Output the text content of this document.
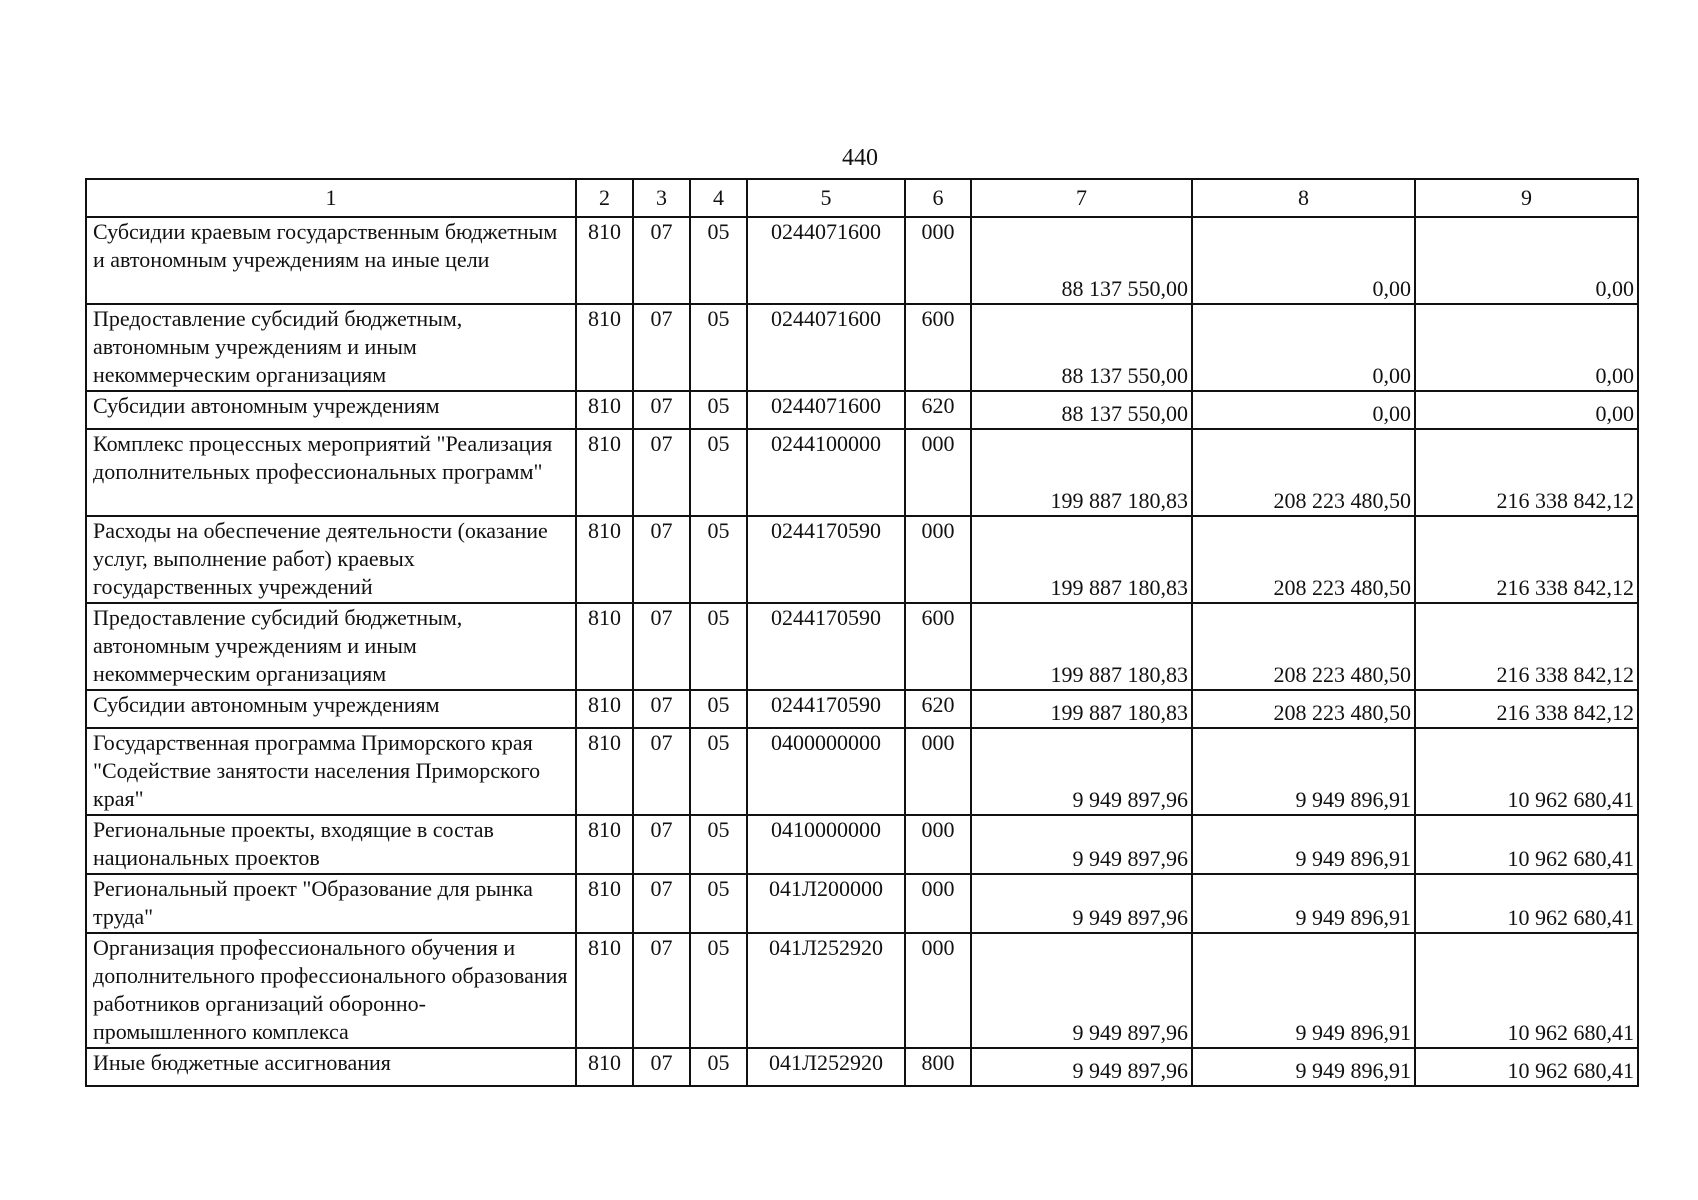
440
1	2	3	4	5	6	7	8	9
Субсидии краевым государственным бюджетным и автономным учреждениям на иные цели	810	07	05	0244071600	000	88 137 550,00	0,00	0,00
Предоставление субсидий бюджетным, автономным учреждениям и иным некоммерческим организациям	810	07	05	0244071600	600	88 137 550,00	0,00	0,00
Субсидии автономным учреждениям	810	07	05	0244071600	620	88 137 550,00	0,00	0,00
Комплекс процессных мероприятий "Реализация дополнительных профессиональных программ"	810	07	05	0244100000	000	199 887 180,83	208 223 480,50	216 338 842,12
Расходы на обеспечение деятельности (оказание услуг, выполнение работ) краевых государственных учреждений	810	07	05	0244170590	000	199 887 180,83	208 223 480,50	216 338 842,12
Предоставление субсидий бюджетным, автономным учреждениям и иным некоммерческим организациям	810	07	05	0244170590	600	199 887 180,83	208 223 480,50	216 338 842,12
Субсидии автономным учреждениям	810	07	05	0244170590	620	199 887 180,83	208 223 480,50	216 338 842,12
Государственная программа Приморского края "Содействие занятости населения Приморского края"	810	07	05	0400000000	000	9 949 897,96	9 949 896,91	10 962 680,41
Региональные проекты, входящие в состав национальных проектов	810	07	05	0410000000	000	9 949 897,96	9 949 896,91	10 962 680,41
Региональный проект "Образование для рынка труда"	810	07	05	041Л200000	000	9 949 897,96	9 949 896,91	10 962 680,41
Организация профессионального обучения и дополнительного профессионального образования работников организаций оборонно-промышленного комплекса	810	07	05	041Л252920	000	9 949 897,96	9 949 896,91	10 962 680,41
Иные бюджетные ассигнования	810	07	05	041Л252920	800	9 949 897,96	9 949 896,91	10 962 680,41
